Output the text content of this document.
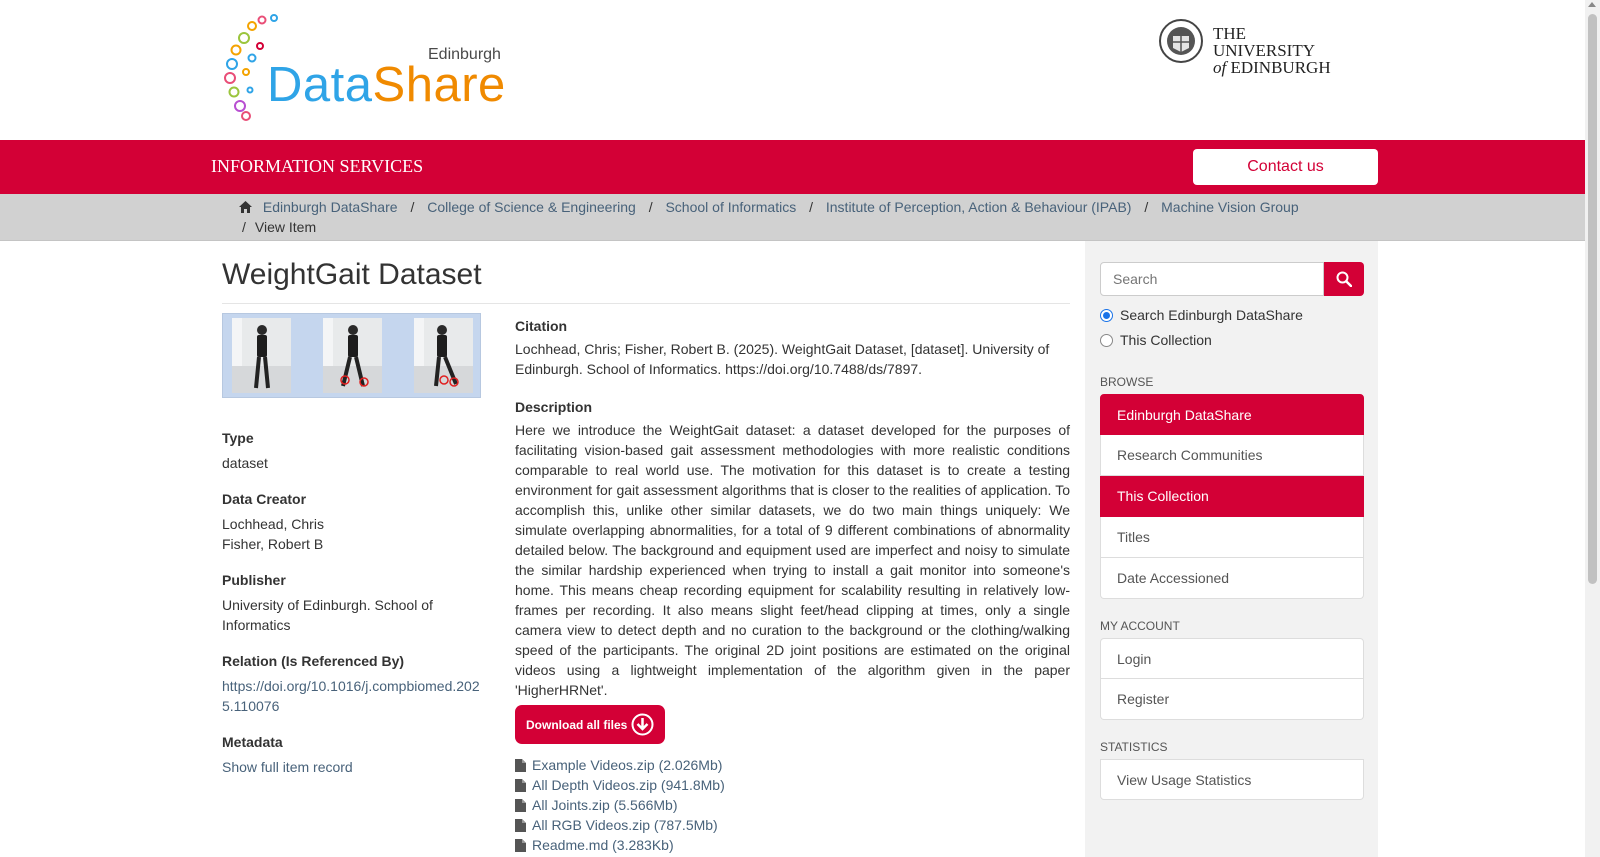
Edinburgh
DataShare
THE UNIVERSITY
of EDINBURGH
INFORMATION SERVICES	Contact us
Edinburgh DataShare / College of Science & Engineering / School of Informatics / Institute of Perception, Action & Behaviour (IPAB) / Machine Vision Group
/ View Item
WeightGait Dataset
Type
dataset
Data Creator
Lochhead, Chris
Fisher, Robert B
Publisher
University of Edinburgh. School of Informatics
Relation (Is Referenced By)
https://doi.org/10.1016/j.compbiomed.2025.110076
Metadata
Show full item record
Citation

Lochhead, Chris; Fisher, Robert B. (2025). WeightGait Dataset, [dataset]. University of Edinburgh. School of Informatics. https://doi.org/10.7488/ds/7897.

Description

Here we introduce the WeightGait dataset: a dataset developed for the purposes of facilitating vision-based gait assessment methodologies with more realistic conditions comparable to real world use. The motivation for this dataset is to create a testing environment for gait assessment algorithms that is closer to the realities of application. To accomplish this, unlike other similar datasets, we do two main things uniquely: We simulate overlapping abnormalities, for a total of 9 different combinations of abnormality detailed below. The background and equipment used are imperfect and noisy to simulate the similar hardship experienced when trying to install a gait monitor into someone's home. This means cheap recording equipment for scalability resulting in relatively low-frames per recording. It also means slight feet/head clipping at times, only a single camera view to detect depth and no curation to the background or the clothing/walking speed of the participants. The original 2D joint positions are estimated on the original videos using a lightweight implementation of the algorithm given in the paper 'HigherHRNet'.

Download all files
Example Videos.zip (2.026Mb)
All Depth Videos.zip (941.8Mb)
All Joints.zip (5.566Mb)
All RGB Videos.zip (787.5Mb)
Readme.md (3.283Kb)
Search
Search Edinburgh DataShare
This Collection
BROWSE
Edinburgh DataShare
Research Communities
This Collection
Titles
Date Accessioned
MY ACCOUNT
Login
Register
STATISTICS
View Usage Statistics
